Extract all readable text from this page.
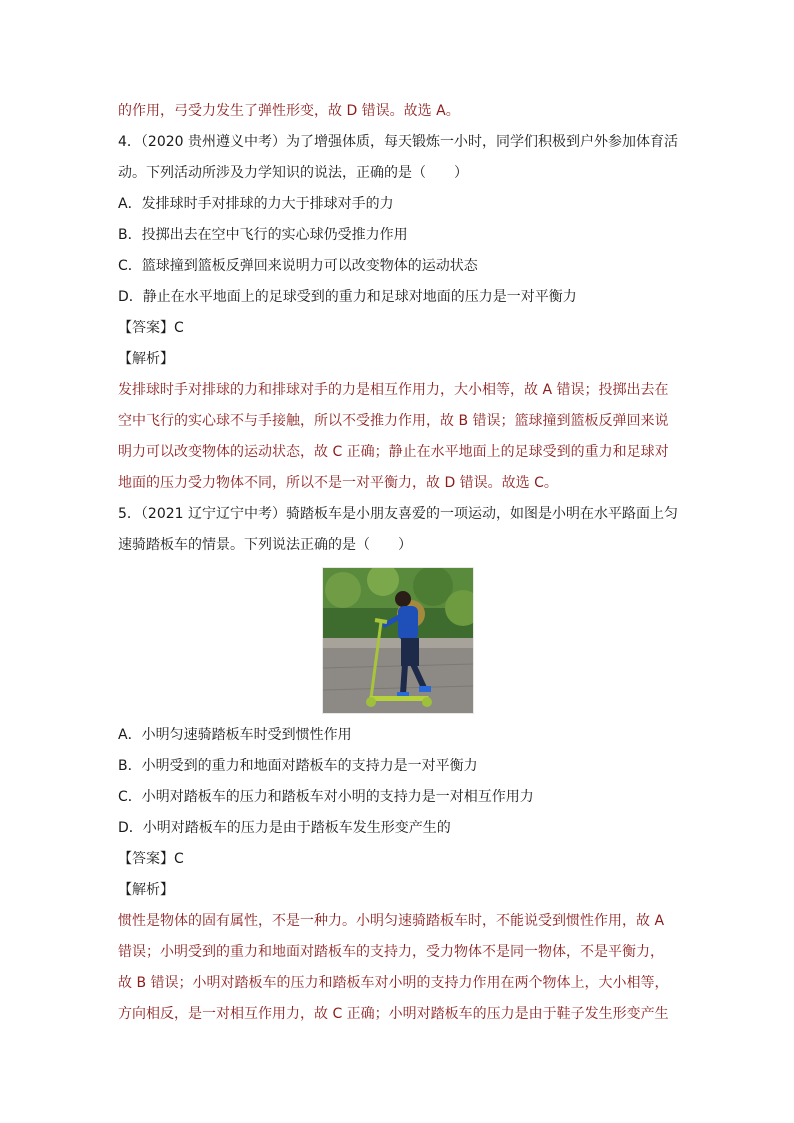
的作用，弓受力发生了弹性形变，故 D 错误。故选 A。
4．（2020 贵州遵义中考）为了增强体质，每天锻炼一小时，同学们积极到户外参加体育活
动。下列活动所涉及力学知识的说法，正确的是（　　）
A．发排球时手对排球的力大于排球对手的力
B．投掷出去在空中飞行的实心球仍受推力作用
C．篮球撞到篮板反弹回来说明力可以改变物体的运动状态
D．静止在水平地面上的足球受到的重力和足球对地面的压力是一对平衡力
【答案】C
【解析】
发排球时手对排球的力和排球对手的力是相互作用力，大小相等，故 A 错误；投掷出去在
空中飞行的实心球不与手接触，所以不受推力作用，故 B 错误；篮球撞到篮板反弹回来说
明力可以改变物体的运动状态，故 C 正确；静止在水平地面上的足球受到的重力和足球对
地面的压力受力物体不同，所以不是一对平衡力，故 D 错误。故选 C。
5．（2021 辽宁辽宁中考）骑踏板车是小朋友喜爱的一项运动，如图是小明在水平路面上匀
速骑踏板车的情景。下列说法正确的是（　　）
A．小明匀速骑踏板车时受到惯性作用
B．小明受到的重力和地面对踏板车的支持力是一对平衡力
C．小明对踏板车的压力和踏板车对小明的支持力是一对相互作用力
D．小明对踏板车的压力是由于踏板车发生形变产生的
【答案】C
【解析】
惯性是物体的固有属性，不是一种力。小明匀速骑踏板车时，不能说受到惯性作用，故 A
错误；小明受到的重力和地面对踏板车的支持力，受力物体不是同一物体，不是平衡力，
故 B 错误；小明对踏板车的压力和踏板车对小明的支持力作用在两个物体上，大小相等，
方向相反，是一对相互作用力，故 C 正确；小明对踏板车的压力是由于鞋子发生形变产生
